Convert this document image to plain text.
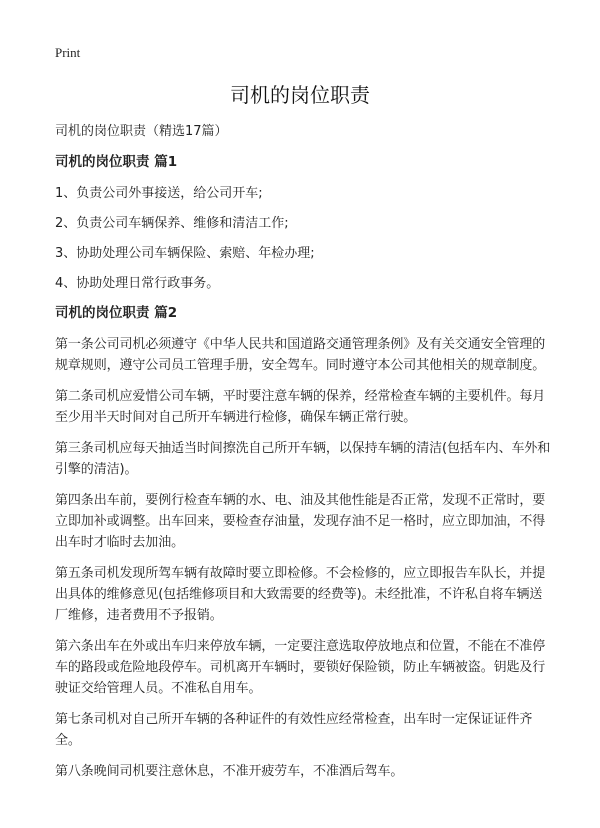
Print
司机的岗位职责

司机的岗位职责（精选17篇）

司机的岗位职责 篇1

1、负责公司外事接送，给公司开车;

2、负责公司车辆保养、维修和清洁工作;

3、协助处理公司车辆保险、索赔、年检办理;

4、协助处理日常行政事务。

司机的岗位职责 篇2

第一条公司司机必须遵守《中华人民共和国道路交通管理条例》及有关交通安全管理的规章规则，遵守公司员工管理手册，安全驾车。同时遵守本公司其他相关的规章制度。

第二条司机应爱惜公司车辆，平时要注意车辆的保养，经常检查车辆的主要机件。每月至少用半天时间对自己所开车辆进行检修，确保车辆正常行驶。

第三条司机应每天抽适当时间擦洗自己所开车辆，以保持车辆的清洁(包括车内、车外和引擎的清洁)。

第四条出车前，要例行检查车辆的水、电、油及其他性能是否正常，发现不正常时，要立即加补或调整。出车回来，要检查存油量，发现存油不足一格时，应立即加油，不得出车时才临时去加油。

第五条司机发现所驾车辆有故障时要立即检修。不会检修的，应立即报告车队长，并提出具体的维修意见(包括维修项目和大致需要的经费等)。未经批准，不许私自将车辆送厂维修，违者费用不予报销。

第六条出车在外或出车归来停放车辆，一定要注意选取停放地点和位置，不能在不准停车的路段或危险地段停车。司机离开车辆时，要锁好保险锁，防止车辆被盗。钥匙及行驶证交给管理人员。不准私自用车。

第七条司机对自己所开车辆的各种证件的有效性应经常检查，出车时一定保证证件齐全。

第八条晚间司机要注意休息，不准开疲劳车，不准酒后驾车。
